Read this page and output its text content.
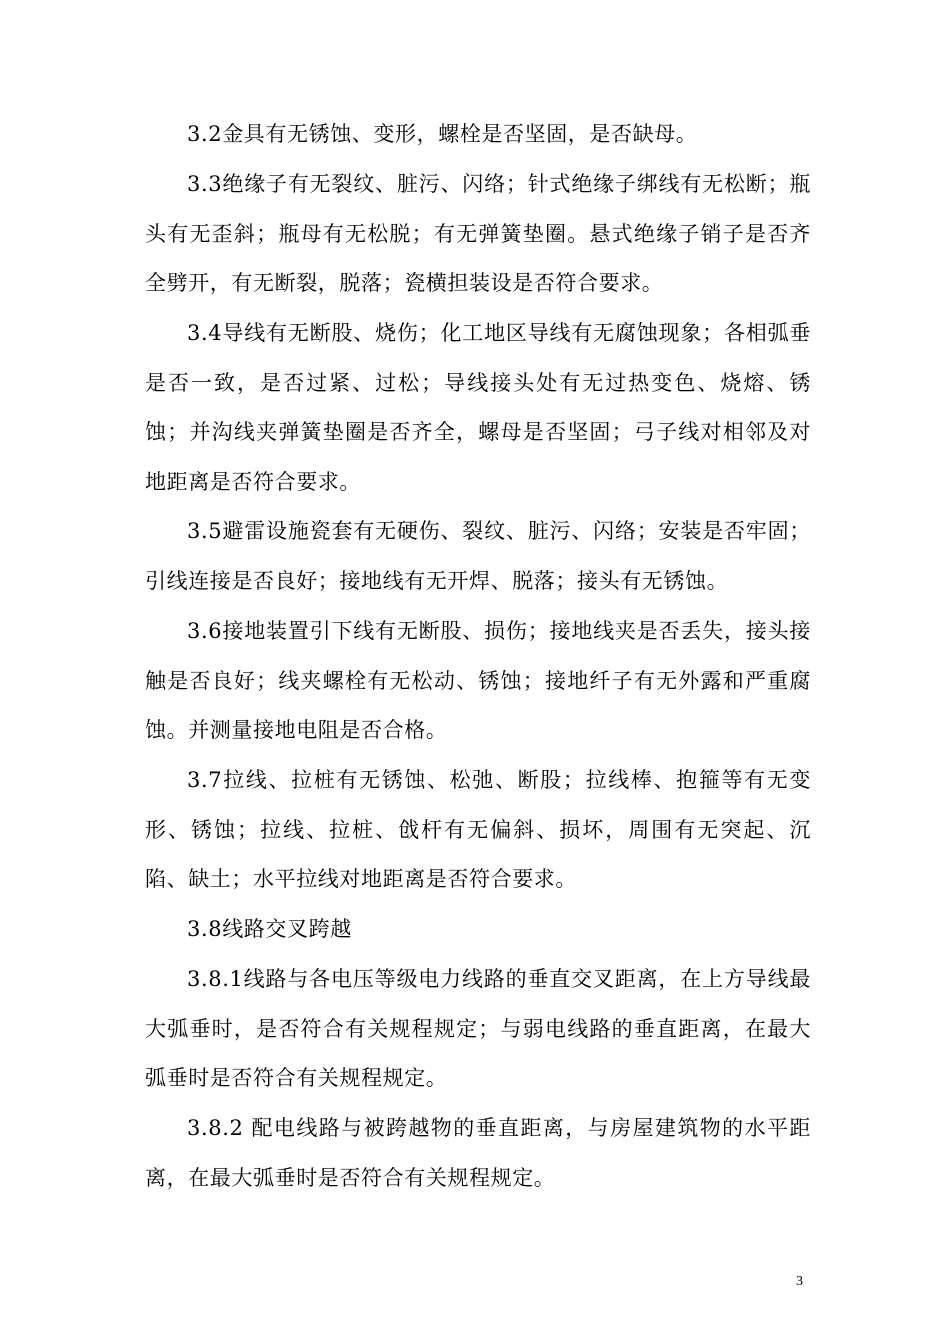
3.2金具有无锈蚀、变形，螺栓是否坚固，是否缺母。

3.3绝缘子有无裂纹、脏污、闪络；针式绝缘子绑线有无松断；瓶头有无歪斜；瓶母有无松脱；有无弹簧垫圈。悬式绝缘子销子是否齐全劈开，有无断裂，脱落；瓷横担装设是否符合要求。

3.4导线有无断股、烧伤；化工地区导线有无腐蚀现象；各相弧垂是否一致，是否过紧、过松；导线接头处有无过热变色、烧熔、锈蚀；并沟线夹弹簧垫圈是否齐全，螺母是否坚固；弓子线对相邻及对地距离是否符合要求。

3.5避雷设施瓷套有无硬伤、裂纹、脏污、闪络；安装是否牢固；引线连接是否良好；接地线有无开焊、脱落；接头有无锈蚀。

3.6接地装置引下线有无断股、损伤；接地线夹是否丢失，接头接触是否良好；线夹螺栓有无松动、锈蚀；接地纤子有无外露和严重腐蚀。并测量接地电阻是否合格。

3.7拉线、拉桩有无锈蚀、松弛、断股；拉线棒、抱箍等有无变形、锈蚀；拉线、拉桩、戗杆有无偏斜、损坏，周围有无突起、沉陷、缺土；水平拉线对地距离是否符合要求。

3.8线路交叉跨越

3.8.1线路与各电压等级电力线路的垂直交叉距离，在上方导线最大弧垂时，是否符合有关规程规定；与弱电线路的垂直距离，在最大弧垂时是否符合有关规程规定。

3.8.2 配电线路与被跨越物的垂直距离，与房屋建筑物的水平距离，在最大弧垂时是否符合有关规程规定。

3
